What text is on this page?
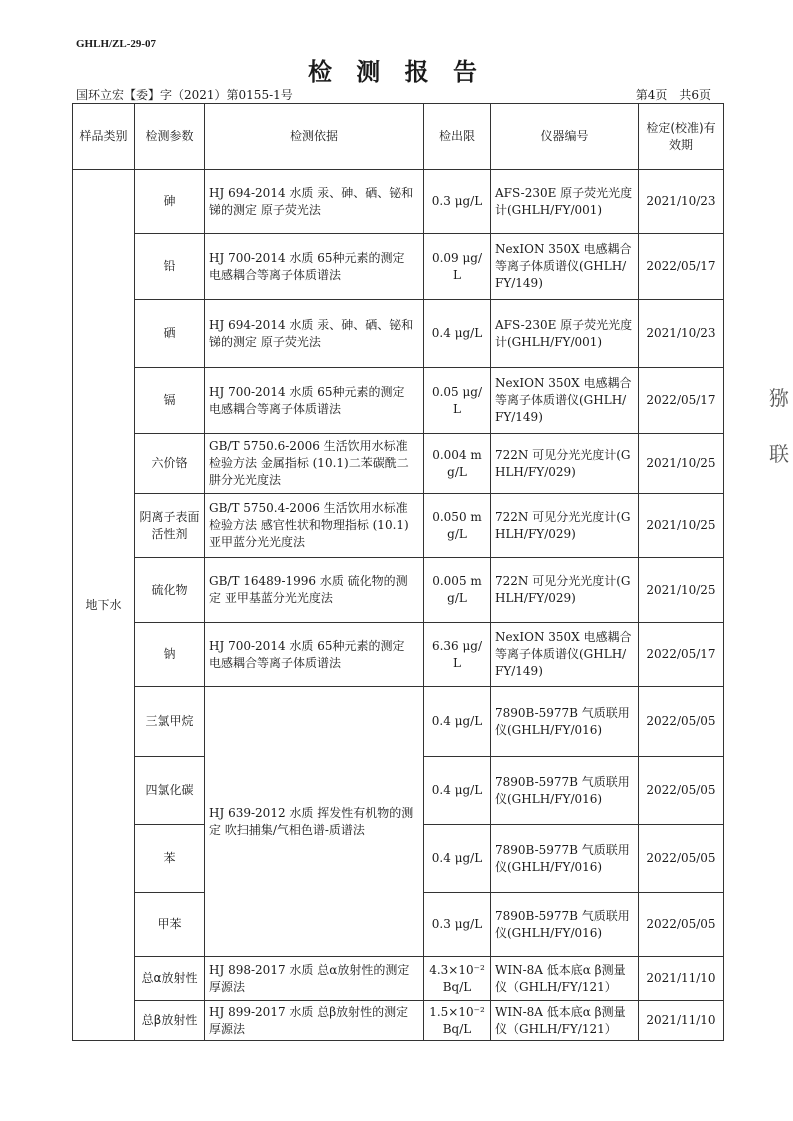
GHLH/ZL-29-07
检 测 报 告
国环立宏【委】字（2021）第0155-1号	第4页　共6页
样品类别	检测参数	检测依据	检出限	仪器编号	检定(校准)有效期
地下水	砷	HJ 694-2014 水质 汞、砷、硒、铋和锑的测定 原子荧光法	0.3 μg/L	AFS-230E 原子荧光光度计(GHLH/FY/001)	2021/10/23
	铅	HJ 700-2014 水质 65种元素的测定 电感耦合等离子体质谱法	0.09 μg/L	NexION 350X 电感耦合等离子体质谱仪(GHLH/FY/149)	2022/05/17
	硒	HJ 694-2014 水质 汞、砷、硒、铋和锑的测定 原子荧光法	0.4 μg/L	AFS-230E 原子荧光光度计(GHLH/FY/001)	2021/10/23
	镉	HJ 700-2014 水质 65种元素的测定 电感耦合等离子体质谱法	0.05 μg/L	NexION 350X 电感耦合等离子体质谱仪(GHLH/FY/149)	2022/05/17
	六价铬	GB/T 5750.6-2006 生活饮用水标准检验方法 金属指标 (10.1)二苯碳酰二肼分光光度法	0.004 mg/L	722N 可见分光光度计(GHLH/FY/029)	2021/10/25
	阴离子表面活性剂	GB/T 5750.4-2006 生活饮用水标准检验方法 感官性状和物理指标 (10.1) 亚甲蓝分光光度法	0.050 mg/L	722N 可见分光光度计(GHLH/FY/029)	2021/10/25
	硫化物	GB/T 16489-1996 水质 硫化物的测定 亚甲基蓝分光光度法	0.005 mg/L	722N 可见分光光度计(GHLH/FY/029)	2021/10/25
	钠	HJ 700-2014 水质 65种元素的测定 电感耦合等离子体质谱法	6.36 μg/L	NexION 350X 电感耦合等离子体质谱仪(GHLH/FY/149)	2022/05/17
	三氯甲烷	HJ 639-2012 水质 挥发性有机物的测定 吹扫捕集/气相色谱-质谱法	0.4 μg/L	7890B-5977B 气质联用仪(GHLH/FY/016)	2022/05/05
	四氯化碳		0.4 μg/L	7890B-5977B 气质联用仪(GHLH/FY/016)	2022/05/05
	苯		0.4 μg/L	7890B-5977B 气质联用仪(GHLH/FY/016)	2022/05/05
	甲苯		0.3 μg/L	7890B-5977B 气质联用仪(GHLH/FY/016)	2022/05/05
	总α放射性	HJ 898-2017 水质 总α放射性的测定 厚源法	4.3×10⁻² Bq/L	WIN-8A 低本底α β测量仪（GHLH/FY/121）	2021/11/10
	总β放射性	HJ 899-2017 水质 总β放射性的测定 厚源法	1.5×10⁻² Bq/L	WIN-8A 低本底α β测量仪（GHLH/FY/121）	2021/11/10
猕
联
